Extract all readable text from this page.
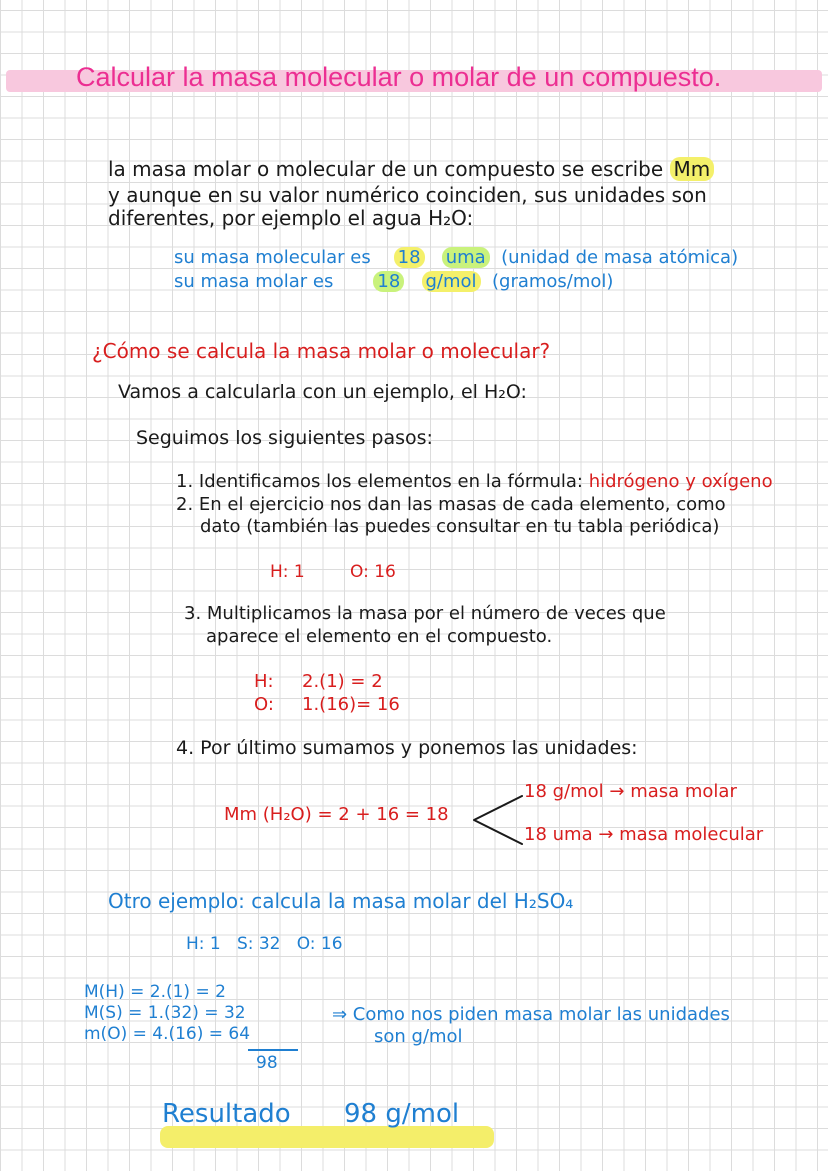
Calcular la masa molecular o molar de un compuesto.
la masa molar o molecular de un compuesto se escribe Mm
y aunque en su valor numérico coinciden, sus unidades son
diferentes, por ejemplo el agua H₂O:
su masa molecular es 18 uma (unidad de masa atómica)
su masa molar es 18 g/mol (gramos/mol)
¿Cómo se calcula la masa molar o molecular?
Vamos a calcularla con un ejemplo, el H₂O:
Seguimos los siguientes pasos:
1. Identificamos los elementos en la fórmula: hidrógeno y oxígeno
2. En el ejercicio nos dan las masas de cada elemento, como
dato (también las puedes consultar en tu tabla periódica)
H: 1	O: 16
3. Multiplicamos la masa por el número de veces que
aparece el elemento en el compuesto.
H: 2.(1) = 2
O: 1.(16)= 16
4. Por último sumamos y ponemos las unidades:
Mm (H₂O) = 2 + 16 = 18
18 g/mol → masa molar
18 uma → masa molecular
Otro ejemplo: calcula la masa molar del H₂SO₄
H: 1   S: 32   O: 16
M(H) = 2.(1) = 2
M(S) = 1.(32) = 32
m(O) = 4.(16) = 64
98
⇒ Como nos piden masa molar las unidades
son g/mol
Resultado 98 g/mol
